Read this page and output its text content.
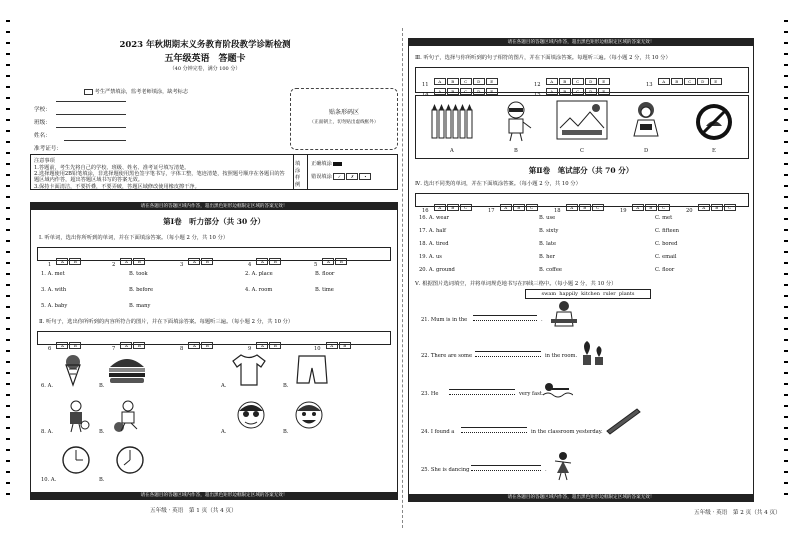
2023 年秋期期末义务教育阶段教学诊断检测
五年级英语　答题卡
（40 分钟完卷，满分 100 分）
学校：
班级：
姓名：
准考证号：
考生严禁填涂，监考老师填涂，缺考标志
贴条形码区
（正面朝上，切勿贴出虚线框外）
注意事项
1.答题前，考生先将自己的学校、班级、姓名、准考证号填写清楚。
2.选择题使用2B铅笔填涂，非选择题使用黑色签字笔书写，字体工整，笔迹清楚，按照题号顺序在各题目的答题区域内作答，超出答题区域书写的答案无效。
3.保持卡面清洁，不要折叠，不要弄破，答题区域修改使用橡皮擦干净。
填涂样例
正确填涂
错误填涂 ✓ ✗	•
请在各题目的答题区域内作答，超出黑色矩形边框限定区域的答案无效！
第Ⅰ卷　听力部分（共 30 分）
Ⅰ. 听单词，选出你所听到的单词，并在下面填涂答案。（每小题 2 分，共 10 分）
1 A	B
2 A	B
3 A	B
4 A	B
5 A	B
1. A. met	B. took	2. A. place	B. floor
3. A. with	B. before	4. A. room	B. time
5. A. baby	B. many
Ⅱ. 听句子，选出你所听到的内容所符合的图片，并在下面填涂答案。每题听三遍。（每小题 2 分，共 10 分）
6 A	B
7 A	B
8 A	B
9 A	B
10 A	B
6. A.	B.	A.	B.
8. A.	B.	A.	B.
10. A.	B.
请在各题目的答题区域内作答，超出黑色矩形边框限定区域的答案无效！
五年级 · 英语　第 1 页（共 4 页）
请在各题目的答题区域内作答，超出黑色矩形边框限定区域的答案无效！
Ⅲ. 听句子，选择与你所听到的句子相符的图片，并在下面填涂答案。每题听三遍。（每小题 2 分，共 10 分）
11 A	B	C D E
12 A	B	C D E
13 A	B	C D E
14 A	B	C D E
15 A	B	C D E
A	B	C	D	E
第Ⅱ卷　笔试部分（共 70 分）
Ⅳ. 选出不同类的单词，并在下面填涂答案。（每小题 2 分，共 10 分）
16 A	B	C
17 A	B	C
18 A	B	C
19 A	B	C
20 A	B	C
16. A. wear	B. use	C. met
17. A. half	B. sixty	C. fifteen
18. A. tired	B. late	C. bored
19. A. us	B. her	C. email
20. A. ground	B. coffee	C. floor
Ⅴ. 根据图片选词填空，并将单词规范地书写在四线三格中。（每小题 2 分，共 10 分）
swam happily kitchen ruler plants
21. Mum is in the	.
22. There are some	in the room.
23. He	very fast.
24. I found a	in the classroom yesterday.
25. She is dancing	.
请在各题目的答题区域内作答，超出黑色矩形边框限定区域的答案无效！
五年级 · 英语　第 2 页（共 4 页）
